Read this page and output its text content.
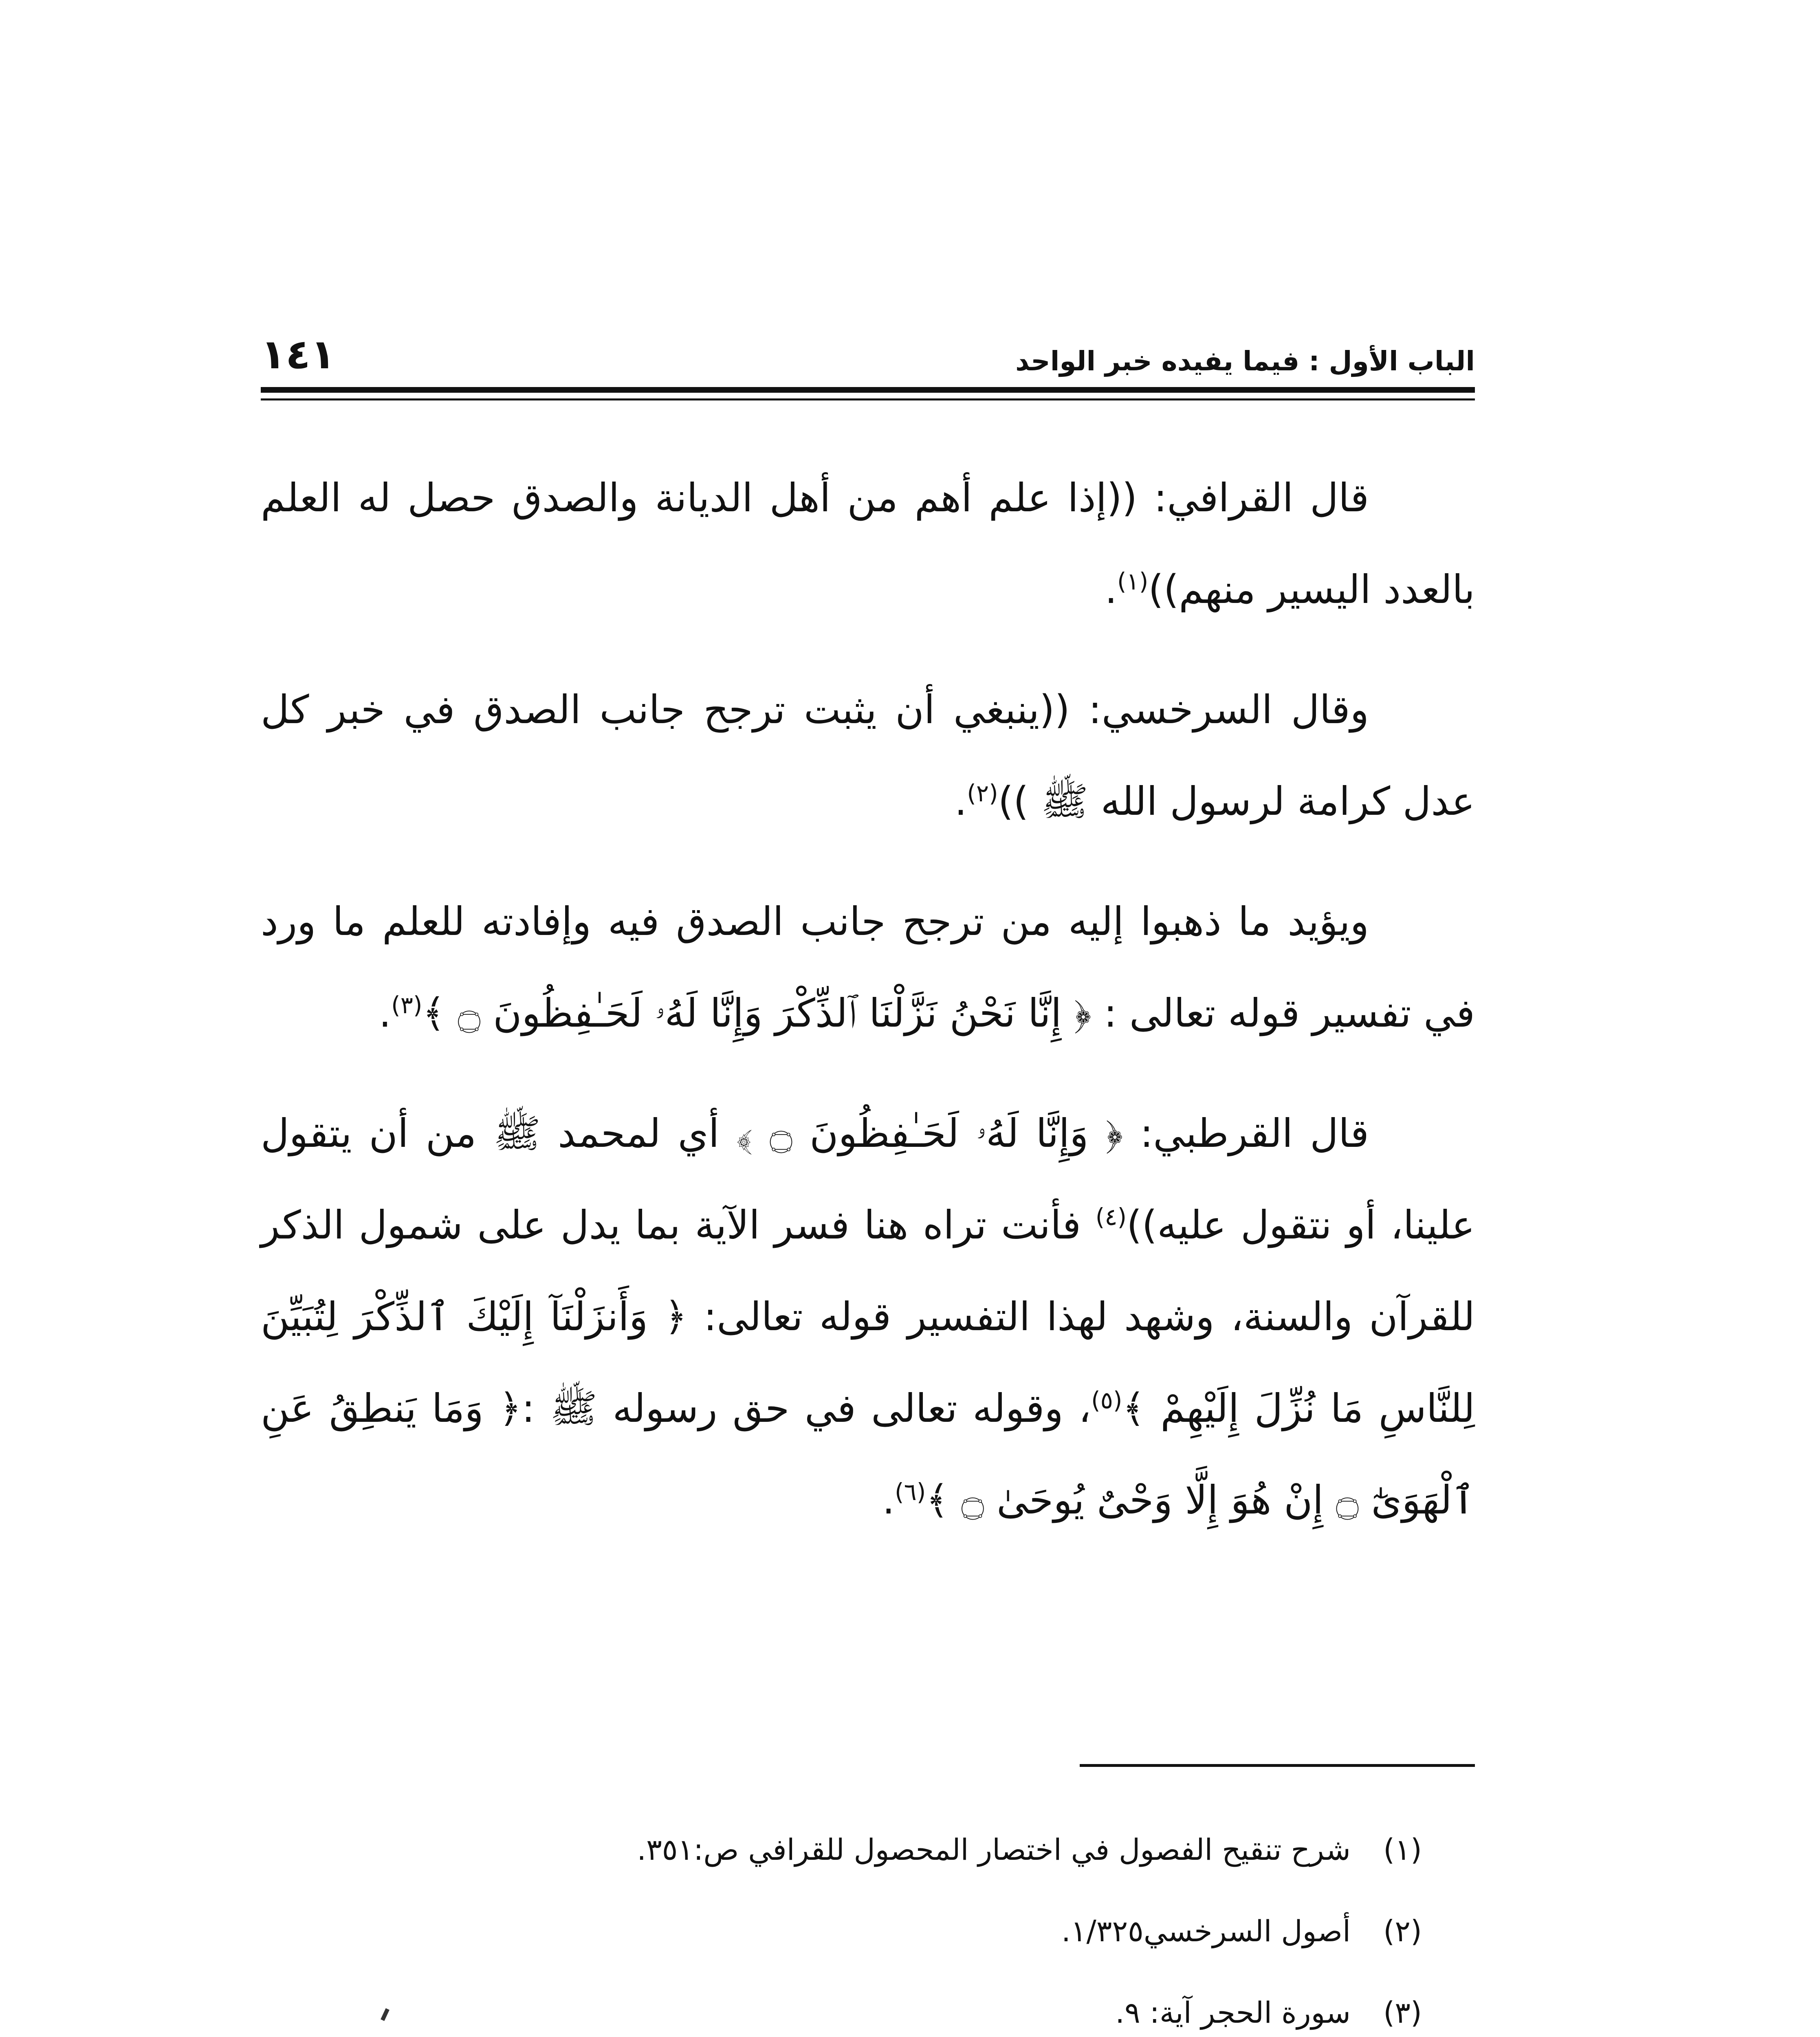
الباب الأول : فيما يفيده خبر الواحد
١٤١

قال القرافي: ((إذا علم أهم من أهل الديانة والصدق حصل له العلم بالعدد اليسير منهم))$^{(١)}$.

وقال السرخسي: ((ينبغي أن يثبت ترجح جانب الصدق في خبر كل عدل كرامة لرسول الله ﷺ ))$^{(٢)}$.

ويؤيد ما ذهبوا إليه من ترجح جانب الصدق فيه وإفادته للعلم ما ورد في تفسير قوله تعالى : ﴿ إِنَّا نَحْنُ نَزَّلْنَا ٱلذِّكْرَ وَإِنَّا لَهُۥ لَحَـٰفِظُونَ ۝ ﴾$^{(٣)}$.

قال القرطبي: ﴿ وَإِنَّا لَهُۥ لَحَـٰفِظُونَ ۝ ﴾ أي لمحمد ﷺ من أن يتقول علينا، أو نتقول عليه))$^{(٤)}$ فأنت تراه هنا فسر الآية بما يدل على شمول الذكر للقرآن والسنة، وشهد لهذا التفسير قوله تعالى: ﴿ وَأَنزَلْنَآ إِلَيْكَ ٱلذِّكْرَ لِتُبَيِّنَ لِلنَّاسِ مَا نُزِّلَ إِلَيْهِمْ ﴾$^{(٥)}$، وقوله تعالى في حق رسوله ﷺ :﴿ وَمَا يَنطِقُ عَنِ ٱلْهَوَىٰٓ ۝ إِنْ هُوَ إِلَّا وَحْىٌ يُوحَىٰ ۝ ﴾$^{(٦)}$.

(١)شرح تنقيح الفصول في اختصار المحصول للقرافي ص:٣٥١.
(٢)أصول السرخسي١/٣٢٥.
(٣)سورة الحجر آية: ٩.
